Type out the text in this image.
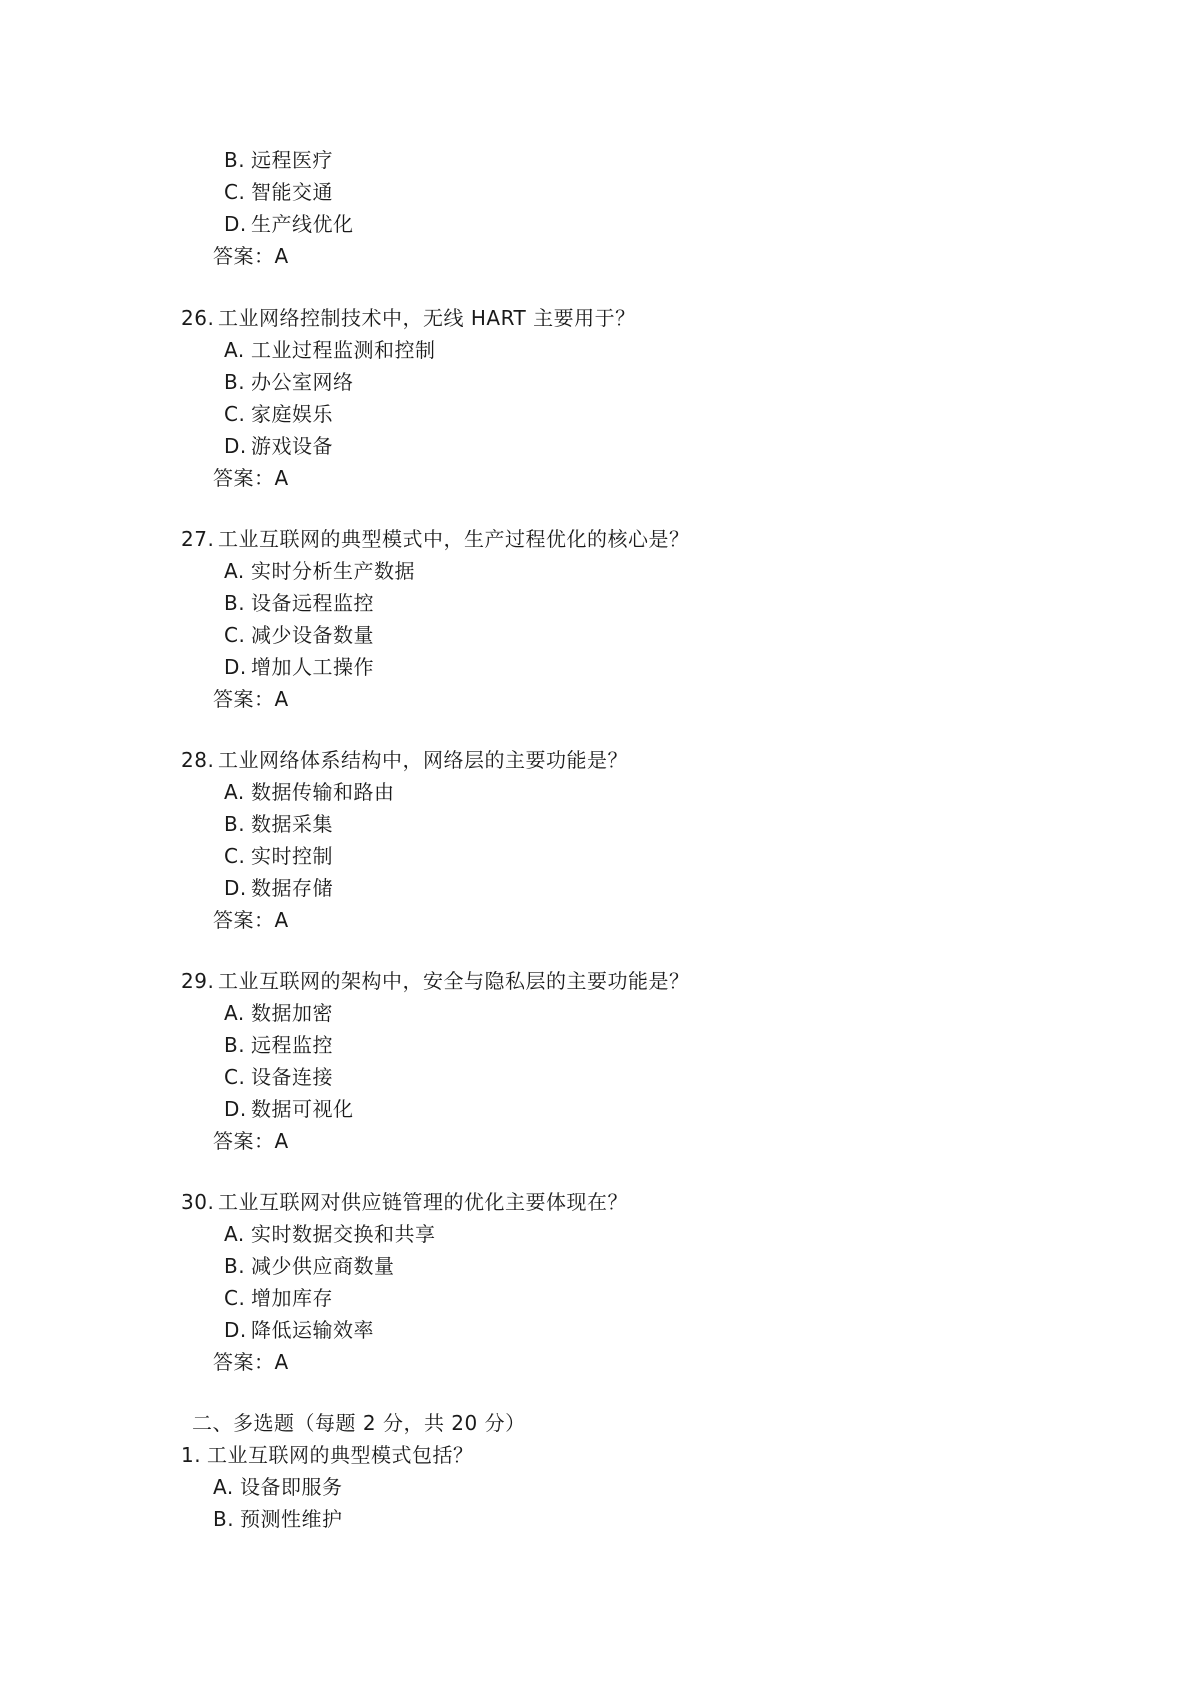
B. 远程医疗
C. 智能交通
D. 生产线优化
答案：A
26. 工业网络控制技术中，无线 HART 主要用于？
A. 工业过程监测和控制
B. 办公室网络
C. 家庭娱乐
D. 游戏设备
答案：A
27. 工业互联网的典型模式中，生产过程优化的核心是？
A. 实时分析生产数据
B. 设备远程监控
C. 减少设备数量
D. 增加人工操作
答案：A
28. 工业网络体系结构中，网络层的主要功能是？
A. 数据传输和路由
B. 数据采集
C. 实时控制
D. 数据存储
答案：A
29. 工业互联网的架构中，安全与隐私层的主要功能是？
A. 数据加密
B. 远程监控
C. 设备连接
D. 数据可视化
答案：A
30. 工业互联网对供应链管理的优化主要体现在？
A. 实时数据交换和共享
B. 减少供应商数量
C. 增加库存
D. 降低运输效率
答案：A
二、多选题（每题 2 分，共 20 分）
1. 工业互联网的典型模式包括？
A. 设备即服务
B. 预测性维护
